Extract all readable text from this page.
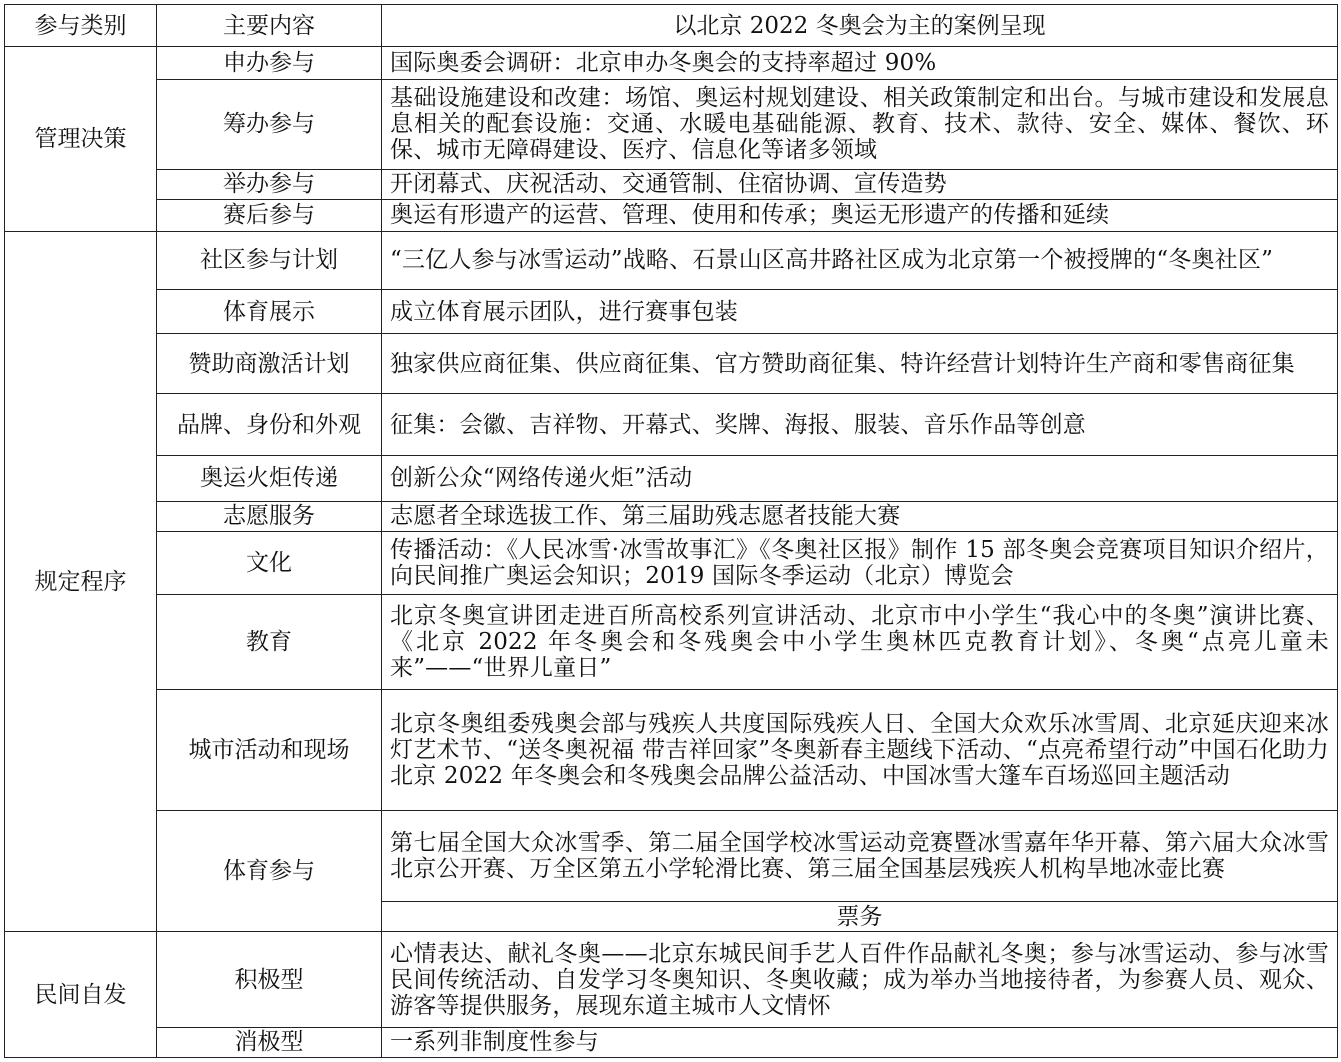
参与类别	主要内容	以北京 2022 冬奥会为主的案例呈现
管理决策	申办参与	国际奥委会调研：北京申办冬奥会的支持率超过 90%
	筹办参与	基础设施建设和改建：场馆、奥运村规划建设、相关政策制定和出台。与城市建设和发展息息相关的配套设施：交通、水暖电基础能源、教育、技术、款待、安全、媒体、餐饮、环保、城市无障碍建设、医疗、信息化等诸多领域
	举办参与	开闭幕式、庆祝活动、交通管制、住宿协调、宣传造势
	赛后参与	奥运有形遗产的运营、管理、使用和传承；奥运无形遗产的传播和延续
规定程序	社区参与计划	“三亿人参与冰雪运动”战略、石景山区高井路社区成为北京第一个被授牌的“冬奥社区”
	体育展示	成立体育展示团队，进行赛事包装
	赞助商激活计划	独家供应商征集、供应商征集、官方赞助商征集、特许经营计划特许生产商和零售商征集
	品牌、身份和外观	征集：会徽、吉祥物、开幕式、奖牌、海报、服装、音乐作品等创意
	奥运火炬传递	创新公众“网络传递火炬”活动
	志愿服务	志愿者全球选拔工作、第三届助残志愿者技能大赛
	文化	传播活动：《人民冰雪·冰雪故事汇》《冬奥社区报》制作 15 部冬奥会竞赛项目知识介绍片，向民间推广奥运会知识；2019 国际冬季运动（北京）博览会
	教育	北京冬奥宣讲团走进百所高校系列宣讲活动、北京市中小学生“我心中的冬奥”演讲比赛、《北京 2022 年冬奥会和冬残奥会中小学生奥林匹克教育计划》、冬奥“点亮儿童未来”——“世界儿童日”
	城市活动和现场	北京冬奥组委残奥会部与残疾人共度国际残疾人日、全国大众欢乐冰雪周、北京延庆迎来冰灯艺术节、“送冬奥祝福 带吉祥回家”冬奥新春主题线下活动、“点亮希望行动”中国石化助力北京 2022 年冬奥会和冬残奥会品牌公益活动、中国冰雪大篷车百场巡回主题活动
	体育参与	第七届全国大众冰雪季、第二届全国学校冰雪运动竞赛暨冰雪嘉年华开幕、第六届大众冰雪北京公开赛、万全区第五小学轮滑比赛、第三届全国基层残疾人机构旱地冰壶比赛
		票务
民间自发	积极型	心情表达、献礼冬奥——北京东城民间手艺人百件作品献礼冬奥；参与冰雪运动、参与冰雪民间传统活动、自发学习冬奥知识、冬奥收藏；成为举办当地接待者，为参赛人员、观众、游客等提供服务，展现东道主城市人文情怀
	消极型	一系列非制度性参与
